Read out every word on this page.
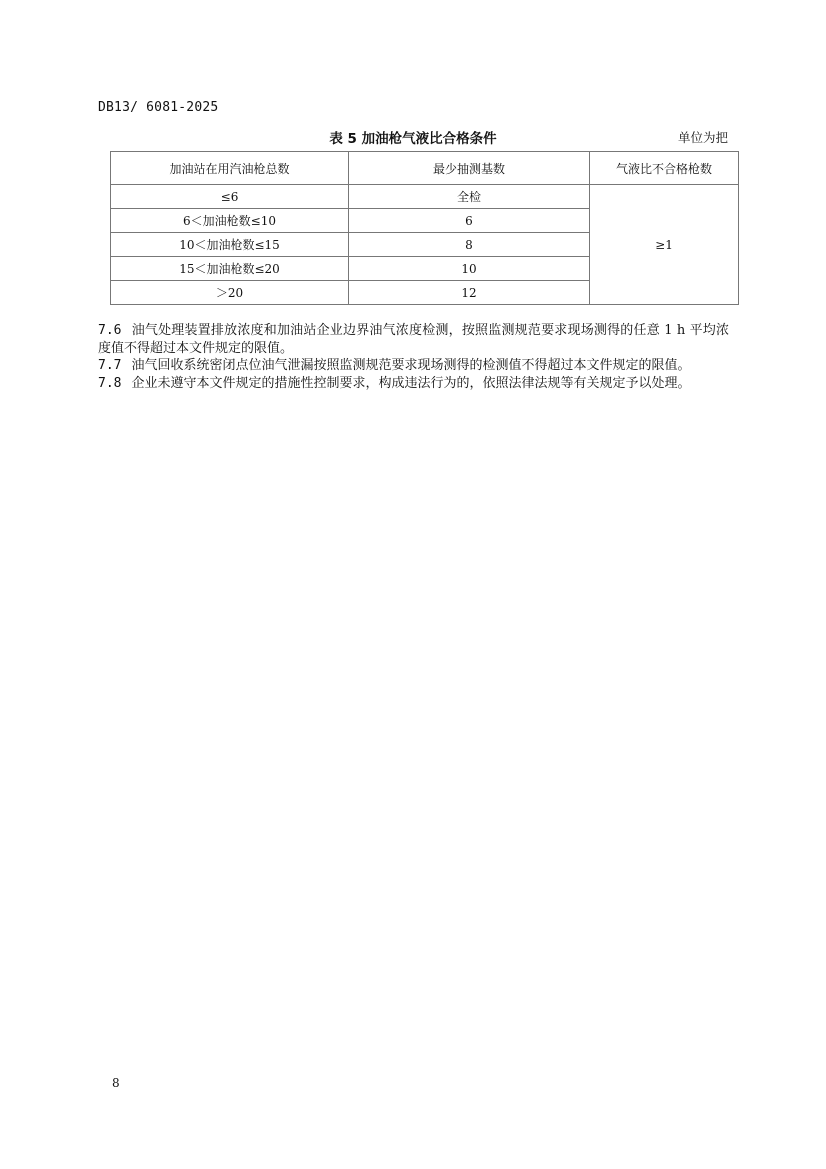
DB13/ 6081-2025
表 5 加油枪气液比合格条件	单位为把
加油站在用汽油枪总数	最少抽测基数	气液比不合格枪数
≤6	全检	≥1
6＜加油枪数≤10	6	
10＜加油枪数≤15	8	
15＜加油枪数≤20	10	
＞20	12	

7.6 油气处理装置排放浓度和加油站企业边界油气浓度检测，按照监测规范要求现场测得的任意 1 h 平均浓度值不得超过本文件规定的限值。

7.7 油气回收系统密闭点位油气泄漏按照监测规范要求现场测得的检测值不得超过本文件规定的限值。

7.8 企业未遵守本文件规定的措施性控制要求，构成违法行为的，依照法律法规等有关规定予以处理。

8
